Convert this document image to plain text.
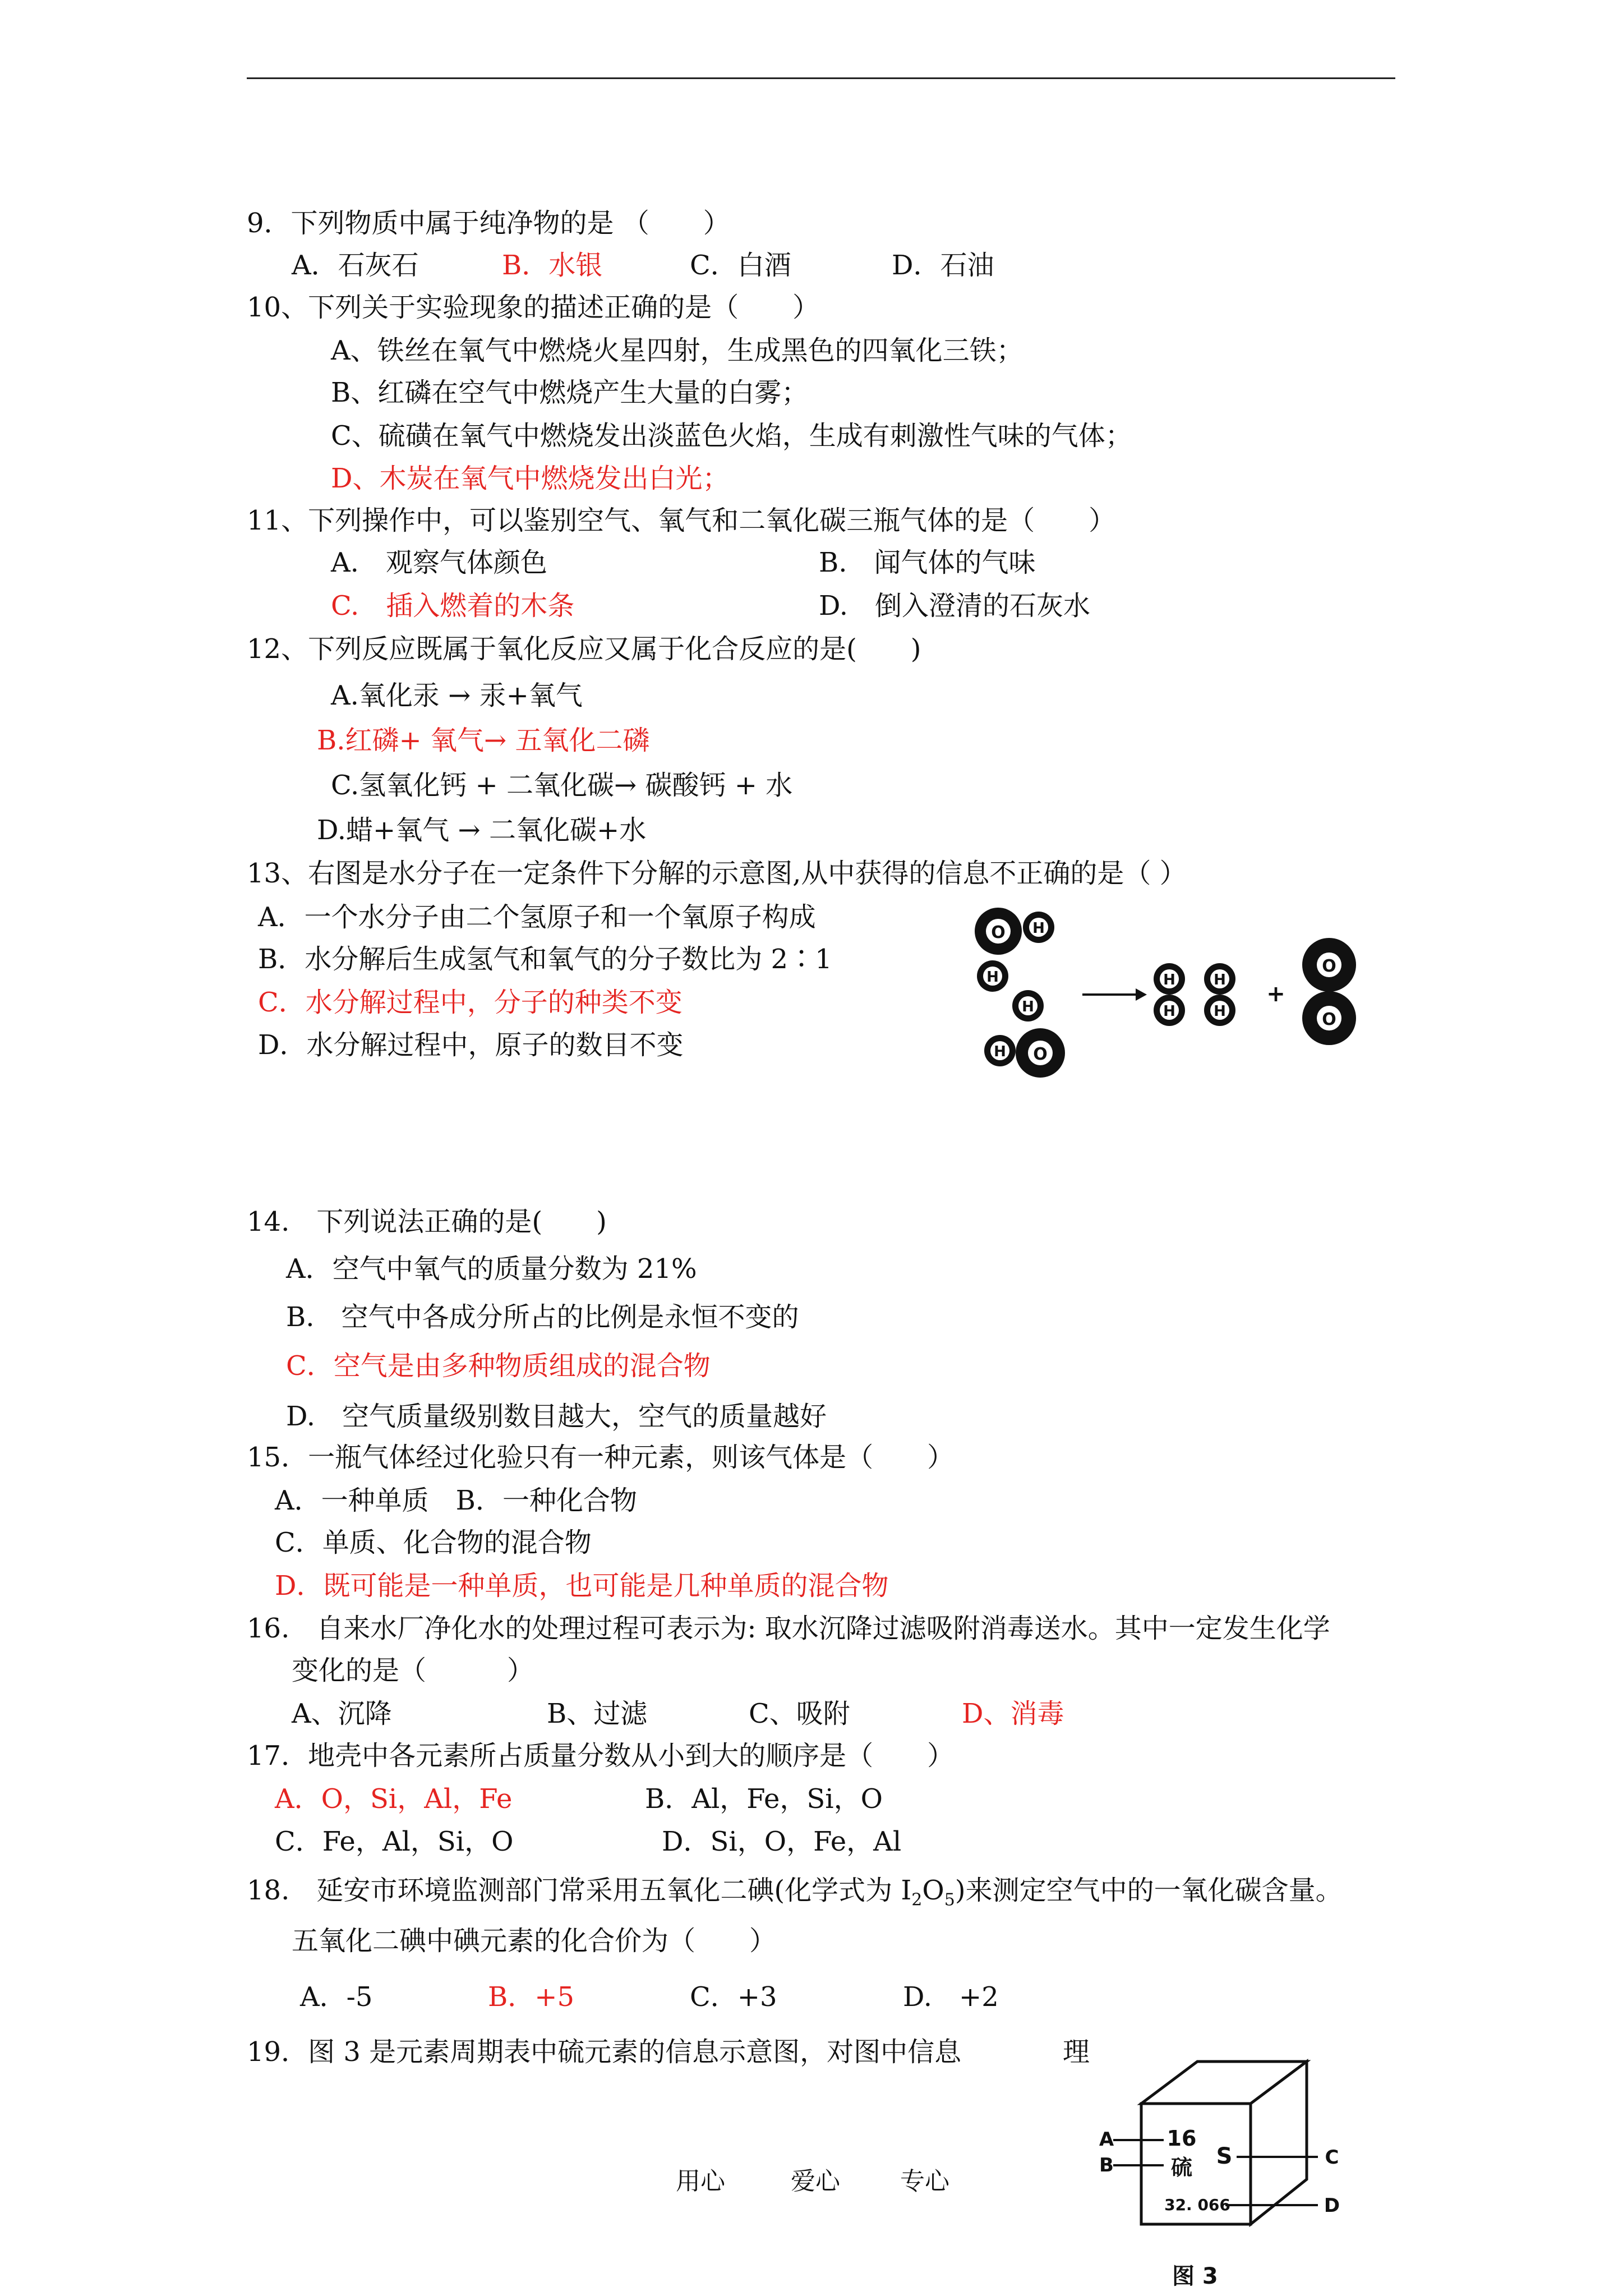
9．下列物质中属于纯净物的是 （　　）
A．石灰石	B．水银	C．白酒	D．石油
10、下列关于实验现象的描述正确的是（　　）
A、铁丝在氧气中燃烧火星四射，生成黑色的四氧化三铁；
B、红磷在空气中燃烧产生大量的白雾；
C、硫磺在氧气中燃烧发出淡蓝色火焰，生成有刺激性气味的气体；
D、木炭在氧气中燃烧发出白光；
11、下列操作中，可以鉴别空气、氧气和二氧化碳三瓶气体的是（　　）
A.　观察气体颜色	B.　闻气体的气味
C.　插入燃着的木条	D.　倒入澄清的石灰水
12、下列反应既属于氧化反应又属于化合反应的是(　　)
A.氧化汞 → 汞+氧气
B.红磷+ 氧气→ 五氧化二磷
C.氢氧化钙 + 二氧化碳→ 碳酸钙 + 水
D.蜡+氧气 → 二氧化碳+水
13、右图是水分子在一定条件下分解的示意图,从中获得的信息不正确的是（ ）
A．一个水分子由二个氢原子和一个氧原子构成
B．水分解后生成氢气和氧气的分子数比为 2∶1
C．水分解过程中，分子的种类不变
D．水分解过程中，原子的数目不变
O H
H
H
O
H
H
H
H
H
+
O
O
14.　下列说法正确的是(　　)
A．空气中氧气的质量分数为 21%
B.　空气中各成分所占的比例是永恒不变的
C．空气是由多种物质组成的混合物
D.　空气质量级别数目越大，空气的质量越好
15．一瓶气体经过化验只有一种元素，则该气体是（　　）
A．一种单质　B．一种化合物
C．单质、化合物的混合物
D．既可能是一种单质，也可能是几种单质的混合物
16.　自来水厂净化水的处理过程可表示为: 取水沉降过滤吸附消毒送水。其中一定发生化学
变化的是（　　　）
A、沉降	B、过滤	C、吸附	D、消毒
17．地壳中各元素所占质量分数从小到大的顺序是（　　）
A．O，Si，Al，Fe	B．Al，Fe，Si，O
C．Fe，Al，Si，O	D．Si，O，Fe，Al
18.　延安市环境监测部门常采用五氧化二碘(化学式为 $I_2O_5$)来测定空气中的一氧化碳含量。
五氧化二碘中碘元素的化合价为（　　）
A．-5	B．+5	C．+3	D.　+2
19．图 3 是元素周期表中硫元素的信息示意图，对图中信息	理
16
硫 S
32. 066
A
B	C
D
图 3
用心	爱心 专心
